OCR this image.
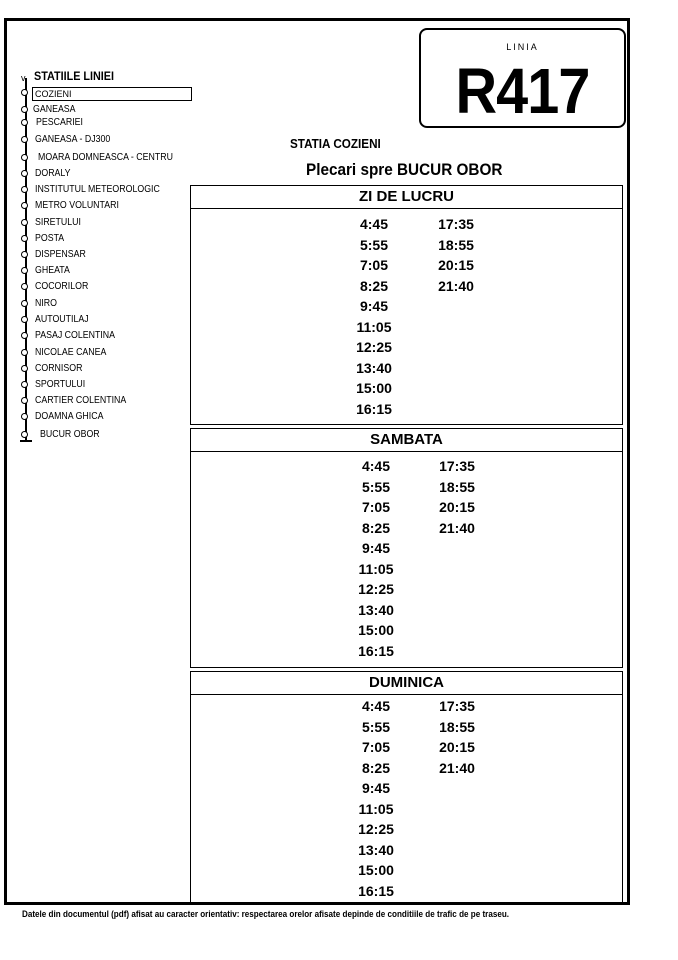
LINIA
R417
STATIILE LINIEI
v
COZIENI
GANEASA
PESCARIEI
GANEASA - DJ300
MOARA DOMNEASCA - CENTRU
DORALY
INSTITUTUL METEOROLOGIC
METRO VOLUNTARI
SIRETULUI
POSTA
DISPENSAR
GHEATA
COCORILOR
NIRO
AUTOUTILAJ
PASAJ COLENTINA
NICOLAE CANEA
CORNISOR
SPORTULUI
CARTIER COLENTINA
DOAMNA GHICA
BUCUR OBOR
STATIA COZIENI
Plecari spre BUCUR OBOR
ZI DE LUCRU
4:45
5:55
7:05
8:25
9:45
11:05
12:25
13:40
15:00
16:15
17:35
18:55
20:15
21:40
SAMBATA
4:45
5:55
7:05
8:25
9:45
11:05
12:25
13:40
15:00
16:15
17:35
18:55
20:15
21:40
DUMINICA
4:45
5:55
7:05
8:25
9:45
11:05
12:25
13:40
15:00
16:15
17:35
18:55
20:15
21:40
Datele din documentul (pdf) afisat au caracter orientativ: respectarea orelor afisate depinde de conditiile de trafic de pe traseu.
